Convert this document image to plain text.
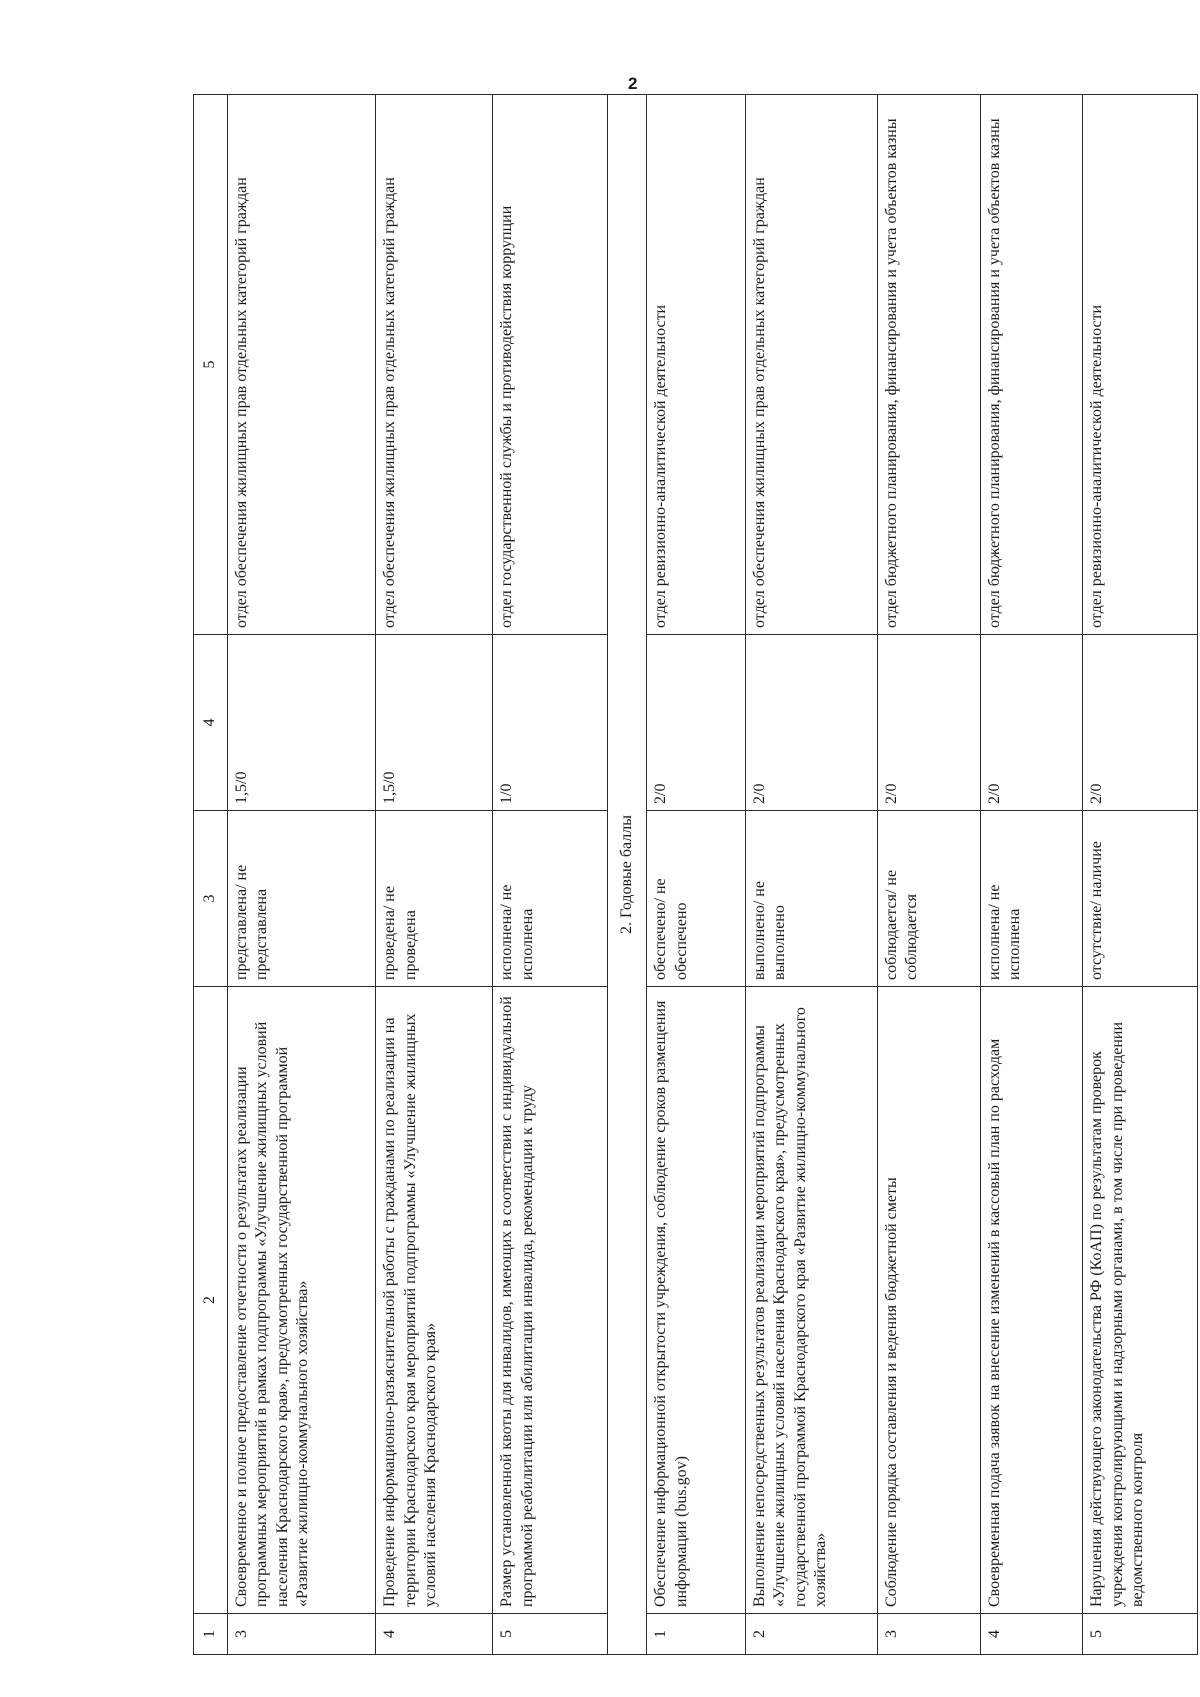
2
1	2	3	4	5
3	Своевременное и полное предоставление отчетности о результатах реализации программных мероприятий в рамках подпрограммы «Улучшение жилищных условий населения Краснодарского края», предусмотренных государственной программой «Развитие жилищно-коммунального хозяйства»	представлена/ не представлена	1,5/0	отдел обеспечения жилищных прав отдельных категорий граждан
4	Проведение информационно-разъяснительной работы с гражданами по реализации на территории Краснодарского края мероприятий подпрограммы «Улучшение жилищных условий населения Краснодарского края»	проведена/ не проведена	1,5/0	отдел обеспечения жилищных прав отдельных категорий граждан
5	Размер установленной квоты для инвалидов, имеющих в соответствии с индивидуальной программой реабилитации или абилитации инвалида, рекомендации к труду	исполнена/ не исполнена	1/0	отдел государственной службы и противодействия коррупции
2. Годовые баллы				
1	Обеспечение информационной открытости учреждения, соблюдение сроков размещения информации (bus.gov)	обеспечено/ не обеспечено	2/0	отдел ревизионно-аналитической деятельности
2	Выполнение непосредственных результатов реализации мероприятий подпрограммы «Улучшение жилищных условий населения Краснодарского края», предусмотренных государственной программой Краснодарского края «Развитие жилищно-коммунального хозяйства»	выполнено/ не выполнено	2/0	отдел обеспечения жилищных прав отдельных категорий граждан
3	Соблюдение порядка составления и ведения бюджетной сметы	соблюдается/ не соблюдается	2/0	отдел бюджетного планирования, финансирования и учета объектов казны
4	Своевременная подача заявок на внесение изменений в кассовый план по расходам	исполнена/ не исполнена	2/0	отдел бюджетного планирования, финансирования и учета объектов казны
5	Нарушения действующего законодательства РФ (КоАП) по результатам проверок учреждения контролирующими и надзорными органами, в том числе при проведении ведомственного контроля	отсутствие/ наличие	2/0	отдел ревизионно-аналитической деятельности
